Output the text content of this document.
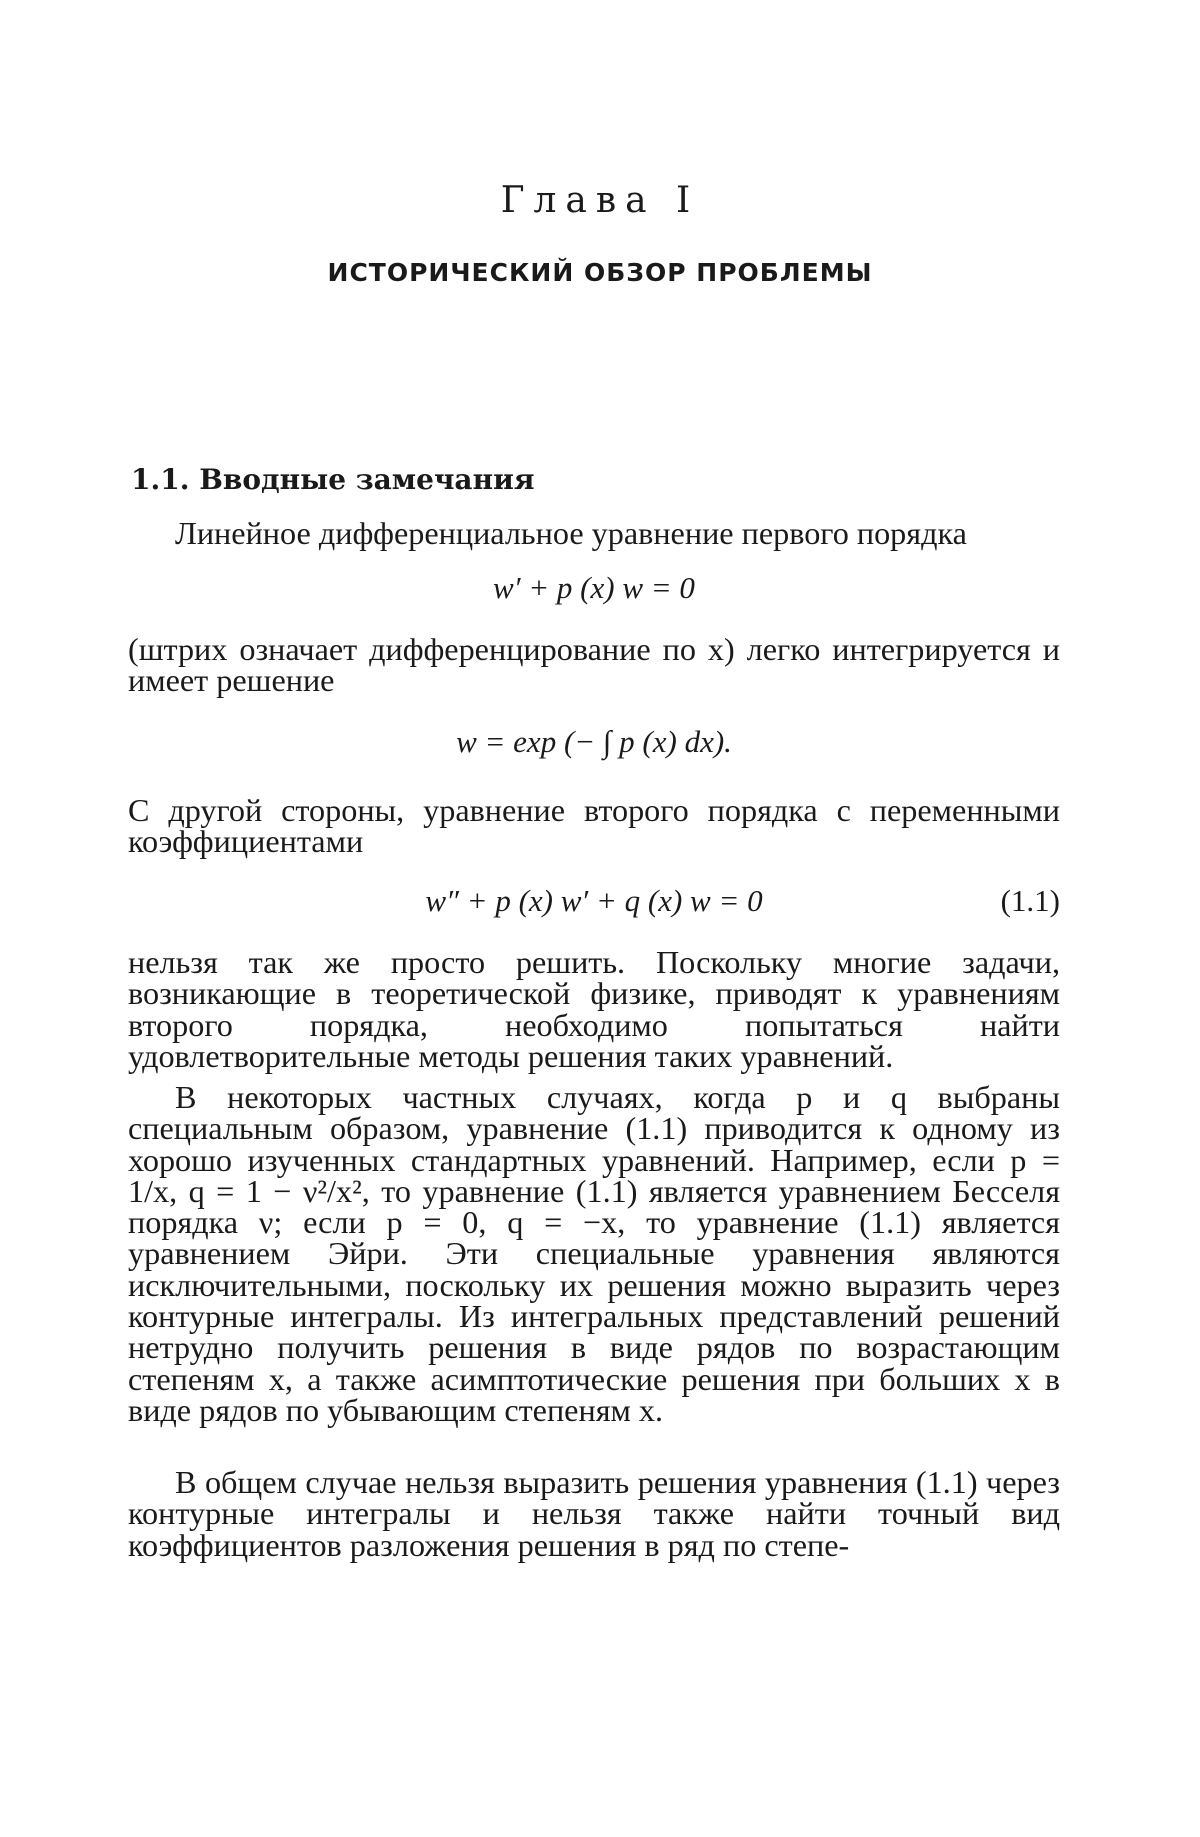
Глава I
ИСТОРИЧЕСКИЙ ОБЗОР ПРОБЛЕМЫ
1.1. Вводные замечания
Линейное дифференциальное уравнение первого порядка
w′ + p (x) w = 0
(штрих означает дифференцирование по x) легко интегрируется и имеет решение
w = exp (− ∫ p (x) dx).
С другой стороны, уравнение второго порядка с переменными коэффициентами
w″ + p (x) w′ + q (x) w = 0	(1.1)
нельзя так же просто решить. Поскольку многие задачи, возникающие в теоретической физике, приводят к уравнениям второго порядка, необходимо попытаться найти удовлетворительные методы решения таких уравнений.
В некоторых частных случаях, когда p и q выбраны специальным образом, уравнение (1.1) приводится к одному из хорошо изученных стандартных уравнений. Например, если p = 1/x, q = 1 − ν²/x², то уравнение (1.1) является уравнением Бесселя порядка ν; если p = 0, q = −x, то уравнение (1.1) является уравнением Эйри. Эти специальные уравнения являются исключительными, поскольку их решения можно выразить через контурные интегралы. Из интегральных представлений решений нетрудно получить решения в виде рядов по возрастающим степеням x, а также асимптотические решения при больших x в виде рядов по убывающим степеням x.
В общем случае нельзя выразить решения уравнения (1.1) через контурные интегралы и нельзя также найти точный вид коэффициентов разложения решения в ряд по степе-
